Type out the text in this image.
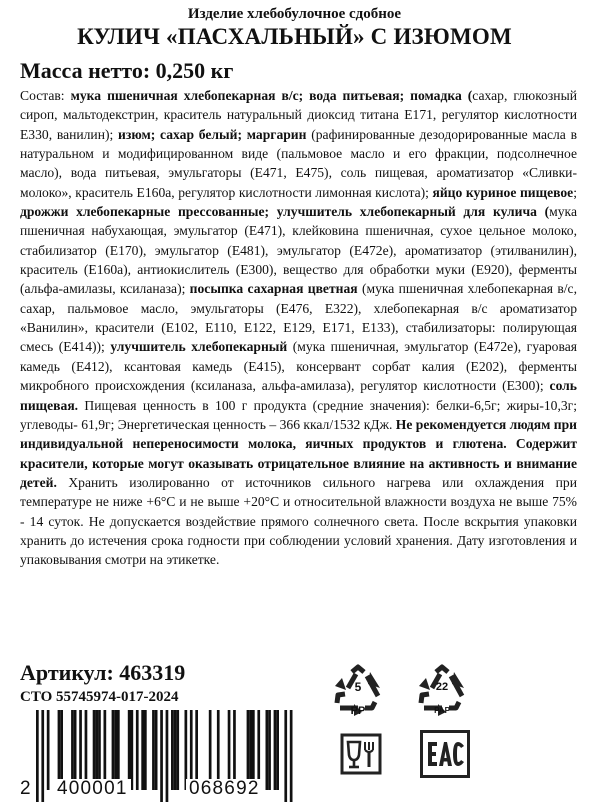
Изделие хлебобулочное сдобное
КУЛИЧ «ПАСХАЛЬНЫЙ» С ИЗЮМОМ
Масса нетто: 0,250 кг

Состав: мука пшеничная хлебопекарная в/с; вода питьевая; помадка (сахар, глюкозный сироп, мальтодекстрин, краситель натуральный диоксид титана Е171, регулятор кислотности Е330, ванилин); изюм; сахар белый; маргарин (рафинированные дезодорированные масла в натуральном и модифицированном виде (пальмовое масло и его фракции, подсолнечное масло), вода питьевая, эмульгаторы (Е471, Е475), соль пищевая, ароматизатор «Сливки-молоко», краситель Е160а, регулятор кислотности лимонная кислота); яйцо куриное пищевое; дрожжи хлебопекарные прессованные; улучшитель хлебопекарный для кулича (мука пшеничная набухающая, эмульгатор (Е471), клейковина пшеничная, сухое цельное молоко, стабилизатор (Е170), эмульгатор (Е481), эмульгатор (Е472е), ароматизатор (этилванилин), краситель (Е160а), антиокислитель (Е300), вещество для обработки муки (Е920), ферменты (альфа-амилазы, ксиланаза); посыпка сахарная цветная (мука пшеничная хлебопекарная в/с, сахар, пальмовое масло, эмульгаторы (Е476, Е322), хлебопекарная в/с ароматизатор «Ванилин», красители (Е102, Е110, Е122, Е129, Е171, Е133), стабилизаторы: полирующая смесь (Е414)); улучшитель хлебопекарный (мука пшеничная, эмульгатор (Е472е), гуаровая камедь (Е412), ксантовая камедь (Е415), консервант сорбат калия (Е202), ферменты микробного происхождения (ксиланаза, альфа-амилаза), регулятор кислотности (Е300); соль пищевая. Пищевая ценность в 100 г продукта (средние значения): белки-6,5г; жиры-10,3г; углеводы- 61,9г; Энергетическая ценность – 366 ккал/1532 кДж. Не рекомендуется людям при индивидуальной непереносимости молока, яичных продуктов и глютена. Содержит красители, которые могут оказывать отрицательное влияние на активность и внимание детей. Хранить изолированно от источников сильного нагрева или охлаждения при температуре не ниже +6°С и не выше +20°С и относительной влажности воздуха не выше 75% - 14 суток. Не допускается воздействие прямого солнечного света. После вскрытия упаковки хранить до истечения срока годности при соблюдении условий хранения. Дату изготовления и упаковывания смотри на этикетке.

Артикул: 463319
СТО 55745974-017-2024
2 400001	068692
5
PP
22
PAP
